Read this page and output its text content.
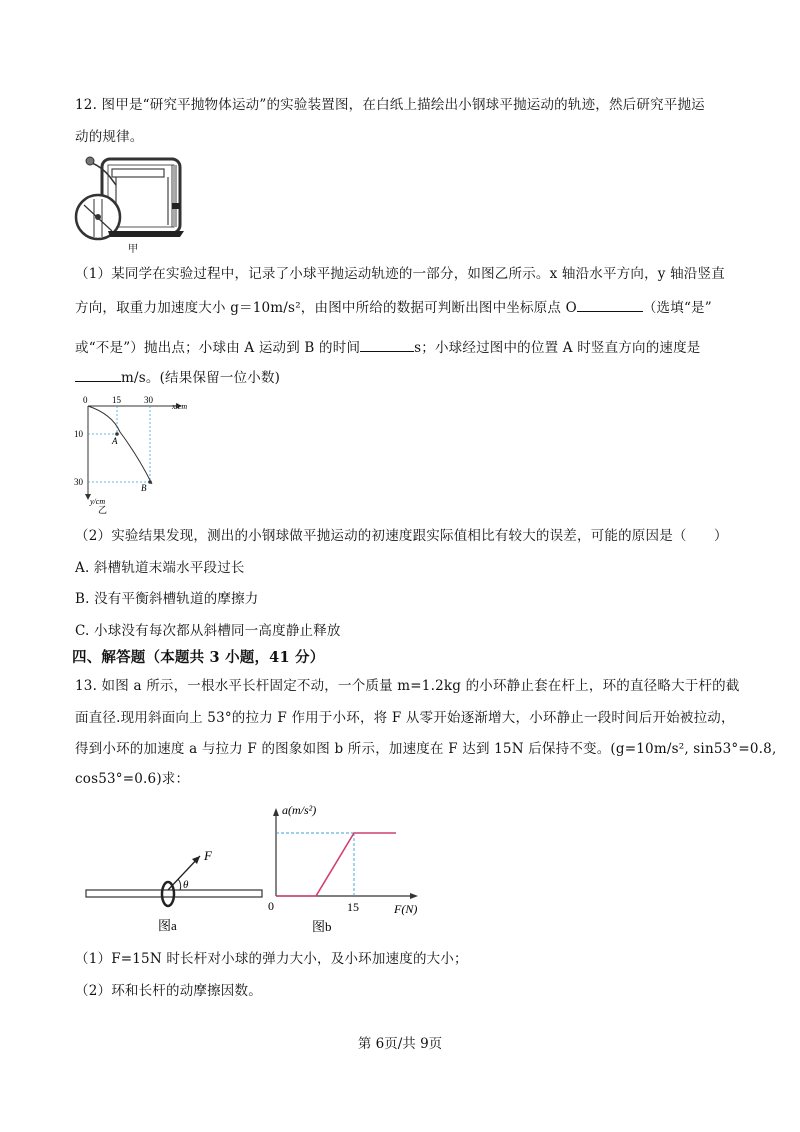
12. 图甲是“研究平抛物体运动”的实验装置图，在白纸上描绘出小钢球平抛运动的轨迹，然后研究平抛运
动的规律。
甲
（1）某同学在实验过程中，记录了小球平抛运动轨迹的一部分，如图乙所示。x 轴沿水平方向，y 轴沿竖直
方向，取重力加速度大小 g＝10m/s²，由图中所给的数据可判断出图中坐标原点 O	（选填“是”
或“不是”）抛出点；小球由 A 运动到 B 的时间	s；小球经过图中的位置 A 时竖直方向的速度是
m/s。(结果保留一位小数)
0	15	30
x/cm
10
30
y/cm
A
B
乙
（2）实验结果发现，测出的小钢球做平抛运动的初速度跟实际值相比有较大的误差，可能的原因是（　　）
A. 斜槽轨道末端水平段过长
B. 没有平衡斜槽轨道的摩擦力
C. 小球没有每次都从斜槽同一高度静止释放
四、解答题（本题共 3 小题，41 分）
13. 如图 a 所示，一根水平长杆固定不动，一个质量 m=1.2kg 的小环静止套在杆上，环的直径略大于杆的截
面直径.现用斜面向上 53°的拉力 F 作用于小环，将 F 从零开始逐渐增大，小环静止一段时间后开始被拉动，
得到小环的加速度 a 与拉力 F 的图象如图 b 所示，加速度在 F 达到 15N 后保持不变。(g=10m/s², sin53°=0.8,
cos53°=0.6)求：
F
θ
图a
a(m/s²)
F(N)
0	15
图b
（1）F=15N 时长杆对小球的弹力大小，及小环加速度的大小；
（2）环和长杆的动摩擦因数。
第 6页/共 9页
